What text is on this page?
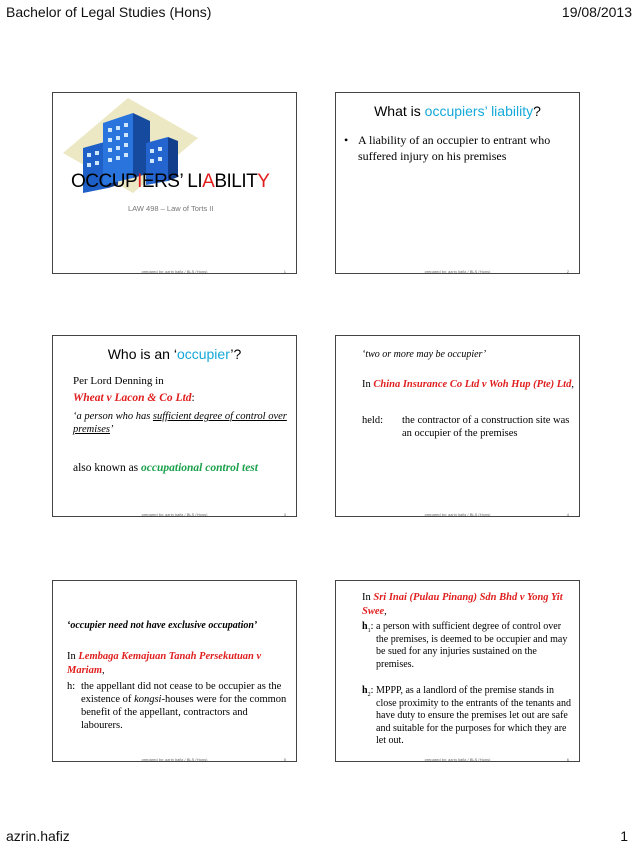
Bachelor of Legal Studies (Hons)	19/08/2013
OCCUPIERS’ LIABILITY
LAW 498 – Law of Torts II
prepared by: azrin hafiz / BLS (Hons)	1
What is occupiers’ liability?
• A liability of an occupier to entrant who suffered injury on his premises
prepared by: azrin hafiz / BLS (Hons)	2
Who is an ‘occupier’?
Per Lord Denning in
Wheat v Lacon & Co Ltd:
‘a person who has sufficient degree of control over premises’
also known as occupational control test
prepared by: azrin hafiz / BLS (Hons)	3
‘two or more may be occupier’
In China Insurance Co Ltd v Woh Hup (Pte) Ltd,
held: the contractor of a construction site was an occupier of the premises
prepared by: azrin hafiz / BLS (Hons)	4
‘occupier need not have exclusive occupation’
In Lembaga Kemajuan Tanah Persekutuan v Mariam,
h: the appellant did not cease to be occupier as the existence of kongsi-houses were for the common benefit of the appellant, contractors and labourers.
prepared by: azrin hafiz / BLS (Hons)	5
In Sri Inai (Pulau Pinang) Sdn Bhd v Yong Yit Swee,
$h_1$: a person with sufficient degree of control over the premises, is deemed to be occupier and may be sued for any injuries sustained on the premises.
$h_2$: MPPP, as a landlord of the premise stands in close proximity to the entrants of the tenants and have duty to ensure the premises let out are safe and suitable for the purposes for which they are let out.
prepared by: azrin hafiz / BLS (Hons)	6
azrin.hafiz	1
